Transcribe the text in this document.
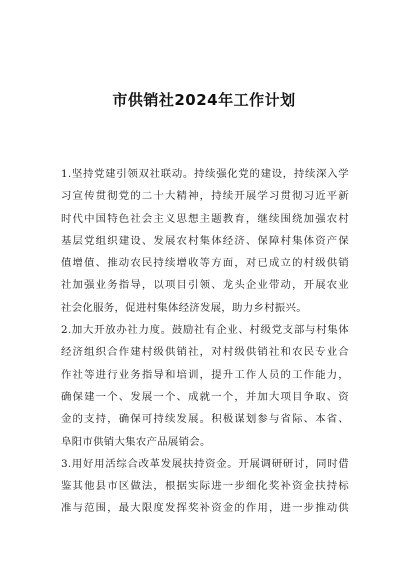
市供销社2024年工作计划
1.坚持党建引领双社联动。持续强化党的建设，持续深入学
习宣传贯彻党的二十大精神，持续开展学习贯彻习近平新
时代中国特色社会主义思想主题教育，继续围绕加强农村
基层党组织建设、发展农村集体经济、保障村集体资产保
值增值、推动农民持续增收等方面，对已成立的村级供销
社加强业务指导，以项目引领、龙头企业带动，开展农业
社会化服务，促进村集体经济发展，助力乡村振兴。
2.加大开放办社力度。鼓励社有企业、村级党支部与村集体
经济组织合作建村级供销社，对村级供销社和农民专业合
作社等进行业务指导和培训，提升工作人员的工作能力，
确保建一个、发展一个、成就一个，并加大项目争取、资
金的支持，确保可持续发展。积极谋划参与省际、本省、
阜阳市供销大集农产品展销会。
3.用好用活综合改革发展扶持资金。开展调研研讨，同时借
鉴其他县市区做法，根据实际进一步细化奖补资金扶持标
准与范围，最大限度发挥奖补资金的作用，进一步推动供
